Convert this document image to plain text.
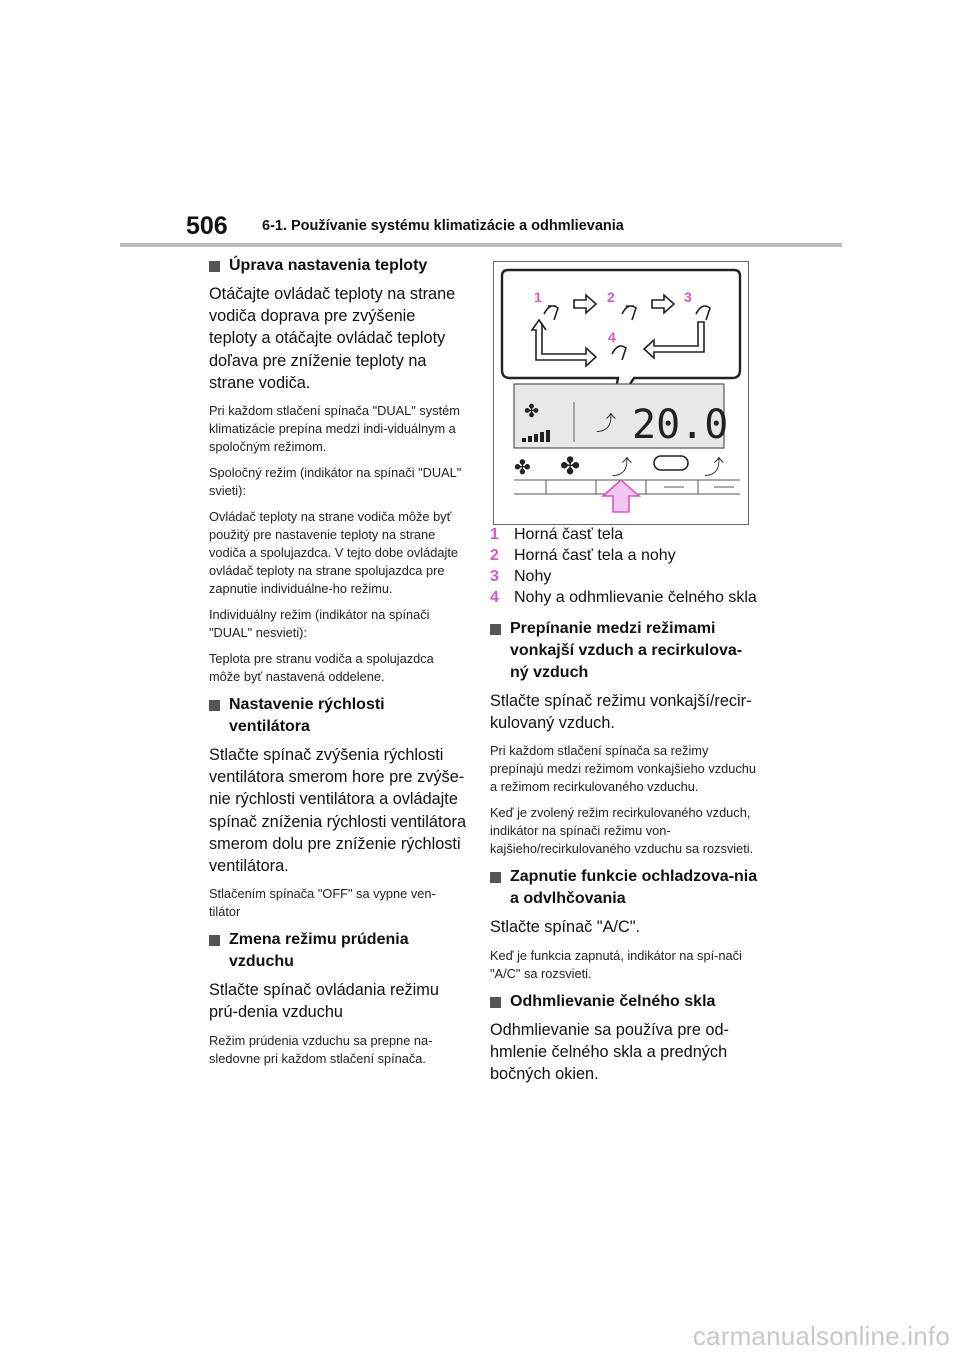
506 6-1. Používanie systému klimatizácie a odhmlievania
Úprava nastavenia teploty

Otáčajte ovládač teploty na strane vodiča doprava pre zvýšenie teploty a otáčajte ovládač teploty doľava pre zníženie teploty na strane vodiča.

Pri každom stlačení spínača "DUAL" systém klimatizácie prepína medzi indi-viduálnym a spoločným režimom.

Spoločný režim (indikátor na spínači "DUAL" svieti):

Ovládač teploty na strane vodiča môže byť použitý pre nastavenie teploty na strane vodiča a spolujazdca. V tejto dobe ovládajte ovládač teploty na strane spolujazdca pre zapnutie individuálne-ho režimu.

Individuálny režim (indikátor na spínači "DUAL" nesvieti):

Teplota pre stranu vodiča a spolujazdca môže byť nastavená oddelene.

Nastavenie rýchlosti ventilátora

Stlačte spínač zvýšenia rýchlosti ventilátora smerom hore pre zvýše-nie rýchlosti ventilátora a ovládajte spínač zníženia rýchlosti ventilátora smerom dolu pre zníženie rýchlosti ventilátora.

Stlačením spínača "OFF" sa vypne ven-tilátor

Zmena režimu prúdenia vzduchu

Stlačte spínač ovládania režimu prú-denia vzduchu

Režim prúdenia vzduchu sa prepne na-sledovne pri každom stlačení spínača.

✤
⤴ 20.0
1	2	3
4
✤ ✤ ⤴	⤴
1 Horná časť tela
2 Horná časť tela a nohy
3 Nohy
4 Nohy a odhmlievanie čelného skla
Prepínanie medzi režimami vonkajší vzduch a recirkulova-ný vzduch

Stlačte spínač režimu vonkajší/recir-kulovaný vzduch.

Pri každom stlačení spínača sa režimy prepínajú medzi režimom vonkajšieho vzduchu a režimom recirkulovaného vzduchu.

Keď je zvolený režim recirkulovaného vzduch, indikátor na spínači režimu von-kajšieho/recirkulovaného vzduchu sa rozsvieti.

Zapnutie funkcie ochladzova-nia a odvlhčovania

Stlačte spínač "A/C".

Keď je funkcia zapnutá, indikátor na spí-nači "A/C" sa rozsvieti.

Odhmlievanie čelného skla

Odhmlievanie sa používa pre od-hmlenie čelného skla a predných bočných okien.

carmanualsonline.info
